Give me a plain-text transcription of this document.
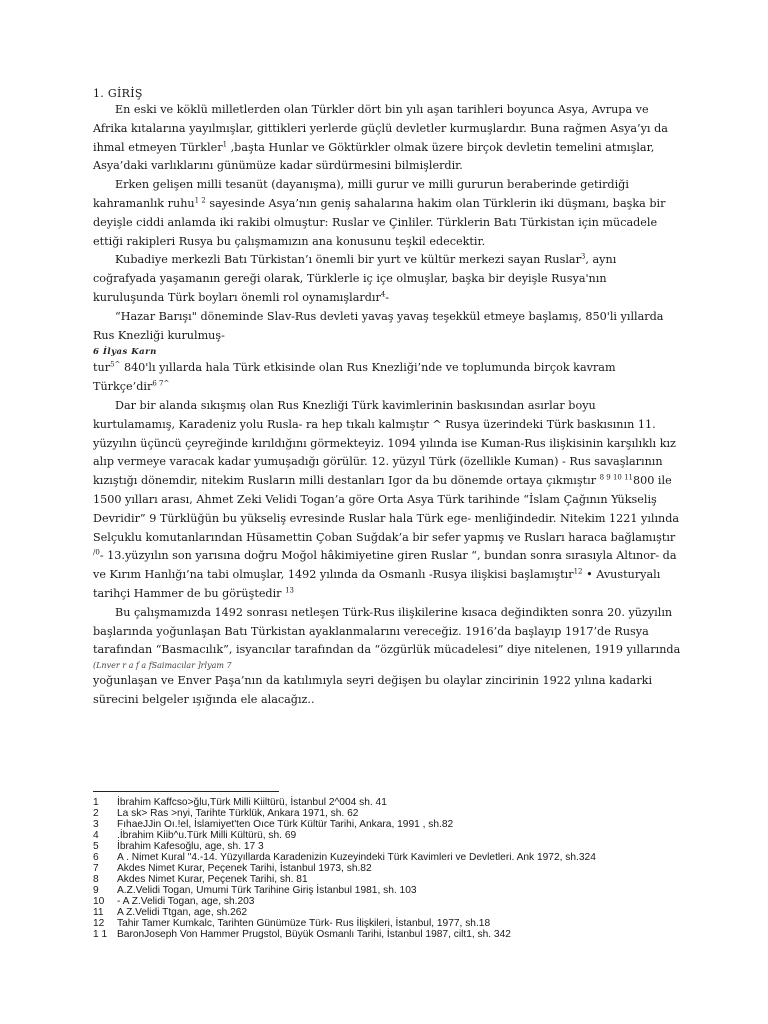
1. GİRİŞ

En eski ve köklü milletlerden olan Türkler dört bin yılı aşan tarihleri boyunca Asya, Avrupa ve Afrika kıtalarına yayılmışlar, gittikleri yerlerde güçlü devletler kurmuşlardır. Buna rağmen Asya’yı da ihmal etmeyen Türkler$^1$ ,başta Hunlar ve Göktürkler olmak üzere birçok devletin temelini atmışlar, Asya’daki varlıklarını günümüze kadar sürdürmesini bilmişlerdir.

Erken gelişen milli tesanüt (dayanışma), milli gurur ve milli gururun beraberinde getirdiği kahramanlık ruhu$^{1 2}$ sayesinde Asya’nın geniş sahalarına hakim olan Türklerin iki düşmanı, başka bir deyişle ciddi anlamda iki rakibi olmuştur: Ruslar ve Çinliler. Türklerin Batı Türkistan için mücadele ettiği rakipleri Rusya bu çalışmamızın ana konusunu teşkil edecektir.

Kubadiye merkezli Batı Türkistan’ı önemli bir yurt ve kültür merkezi sayan Ruslar$^3$, aynı coğrafyada yaşamanın gereği olarak, Türklerle iç içe olmuşlar, başka bir deyişle Rusya'nın kuruluşunda Türk boyları önemli rol oynamışlardır$^4$-

“Hazar Barışı" döneminde Slav-Rus devleti yavaş yavaş teşekkül etmeye başlamış, 850'li yıllarda Rus Knezliği kurulmuş-

6 İlyas Karn

tur$^{5\^{}}$ 840'lı yıllarda hala Türk etkisinde olan Rus Knezliği’nde ve toplumunda birçok kavram Türkçe’dir$^{6 7\^{}}$

Dar bir alanda sıkışmış olan Rus Knezliği Türk kavimlerinin baskısından asırlar boyu kurtulamamış, Karadeniz yolu Rusla- ra hep tıkalı kalmıştır ^ Rusya üzerindeki Türk baskısının 11. yüzyılın üçüncü çeyreğinde kırıldığını görmekteyiz. 1094 yılında ise Kuman-Rus ilişkisinin karşılıklı kız alıp vermeye varacak kadar yumuşadığı görülür. 12. yüzyıl Türk (özellikle Kuman) - Rus savaşlarının kızıştığı dönemdir, nitekim Rusların milli destanları Igor da bu dönemde ortaya çıkmıştır $^{8 9 10 11}$800 ile 1500 yılları arası, Ahmet Zeki Velidi Togan’a göre Orta Asya Türk tarihinde “İslam Çağının Yükseliş Devridir” 9 Türklüğün bu yükseliş evresinde Ruslar hala Türk ege- menliğindedir. Nitekim 1221 yılında Selçuklu komutanlarından Hüsamettin Çoban Suğdak’a bir sefer yapmış ve Rusları haraca bağlamıştır $^{/0}$- 13.yüzyılın son yarısına doğru Moğol hâkimiyetine giren Ruslar “, bundan sonra sırasıyla Altınor- da ve Kırım Hanlığı’na tabi olmuşlar, 1492 yılında da Osmanlı -Rusya ilişkisi başlamıştır$^{12}$ • Avusturyalı tarihçi Hammer de bu görüştedir $^{13}$

Bu çalışmamızda 1492 sonrası netleşen Türk-Rus ilişkilerine kısaca değindikten sonra 20. yüzyılın başlarında yoğunlaşan Batı Türkistan ayaklanmalarını vereceğiz. 1916’da başlayıp 1917’de Rusya tarafından “Basmacılık”, isyancılar tarafından da “özgürlük mücadelesi” diye nitelenen, 1919 yıllarında

(Lnver r a f a fSaimacılar ]rlyam 7

yoğunlaşan ve Enver Paşa’nın da katılımıyla seyri değişen bu olaylar zincirinin 1922 yılına kadarki sürecini belgeler ışığında ele alacağız..

1	İbrahim Kaffcso>ğlu,Türk Milli Kiiltürü, İstanbul 2^004 sh. 41
2	La sk> Ras >nyi, Tarihte Türklük, Ankara 1971, sh. 62
3	FıhaeJJin Oı.!el, İslamiyet'ten Oıce Türk Kültür Tarihi, Ankara, 1991 , sh.82
4	.İbrahim Kiib^u.Türk Milli Kültürü, sh. 69
5	İbrahim Kafesoğlu, age, sh. 17 3
6	A . Nimet Kural "4.-14. Yüzyıllarda Karadenizin Kuzeyindeki Türk Kavimleri ve Devletleri. Ank 1972, sh.324
7	Akdes Nimet Kurar, Peçenek Tarihi, İstanbul 1973, sh.82
8	Akdes Nimet Kurar, Peçenek Tarihi, sh. 81
9	A.Z.Velidi Togan, Umumi Türk Tarihine Giriş İstanbul 1981, sh. 103
10	- A Z.Velidi Togan, age, sh.203
11	A Z.Velidi Ttgan, age, sh.262
12	Tahir Tamer Kumkalc, Tarihten Günümüze Türk- Rus İlişkileri, İstanbul, 1977, sh.18
1 1 BaronJoseph Von Hammer Prugstol, Büyük Osmanlı Tarihi, İstanbul 1987, cilt1, sh. 342
